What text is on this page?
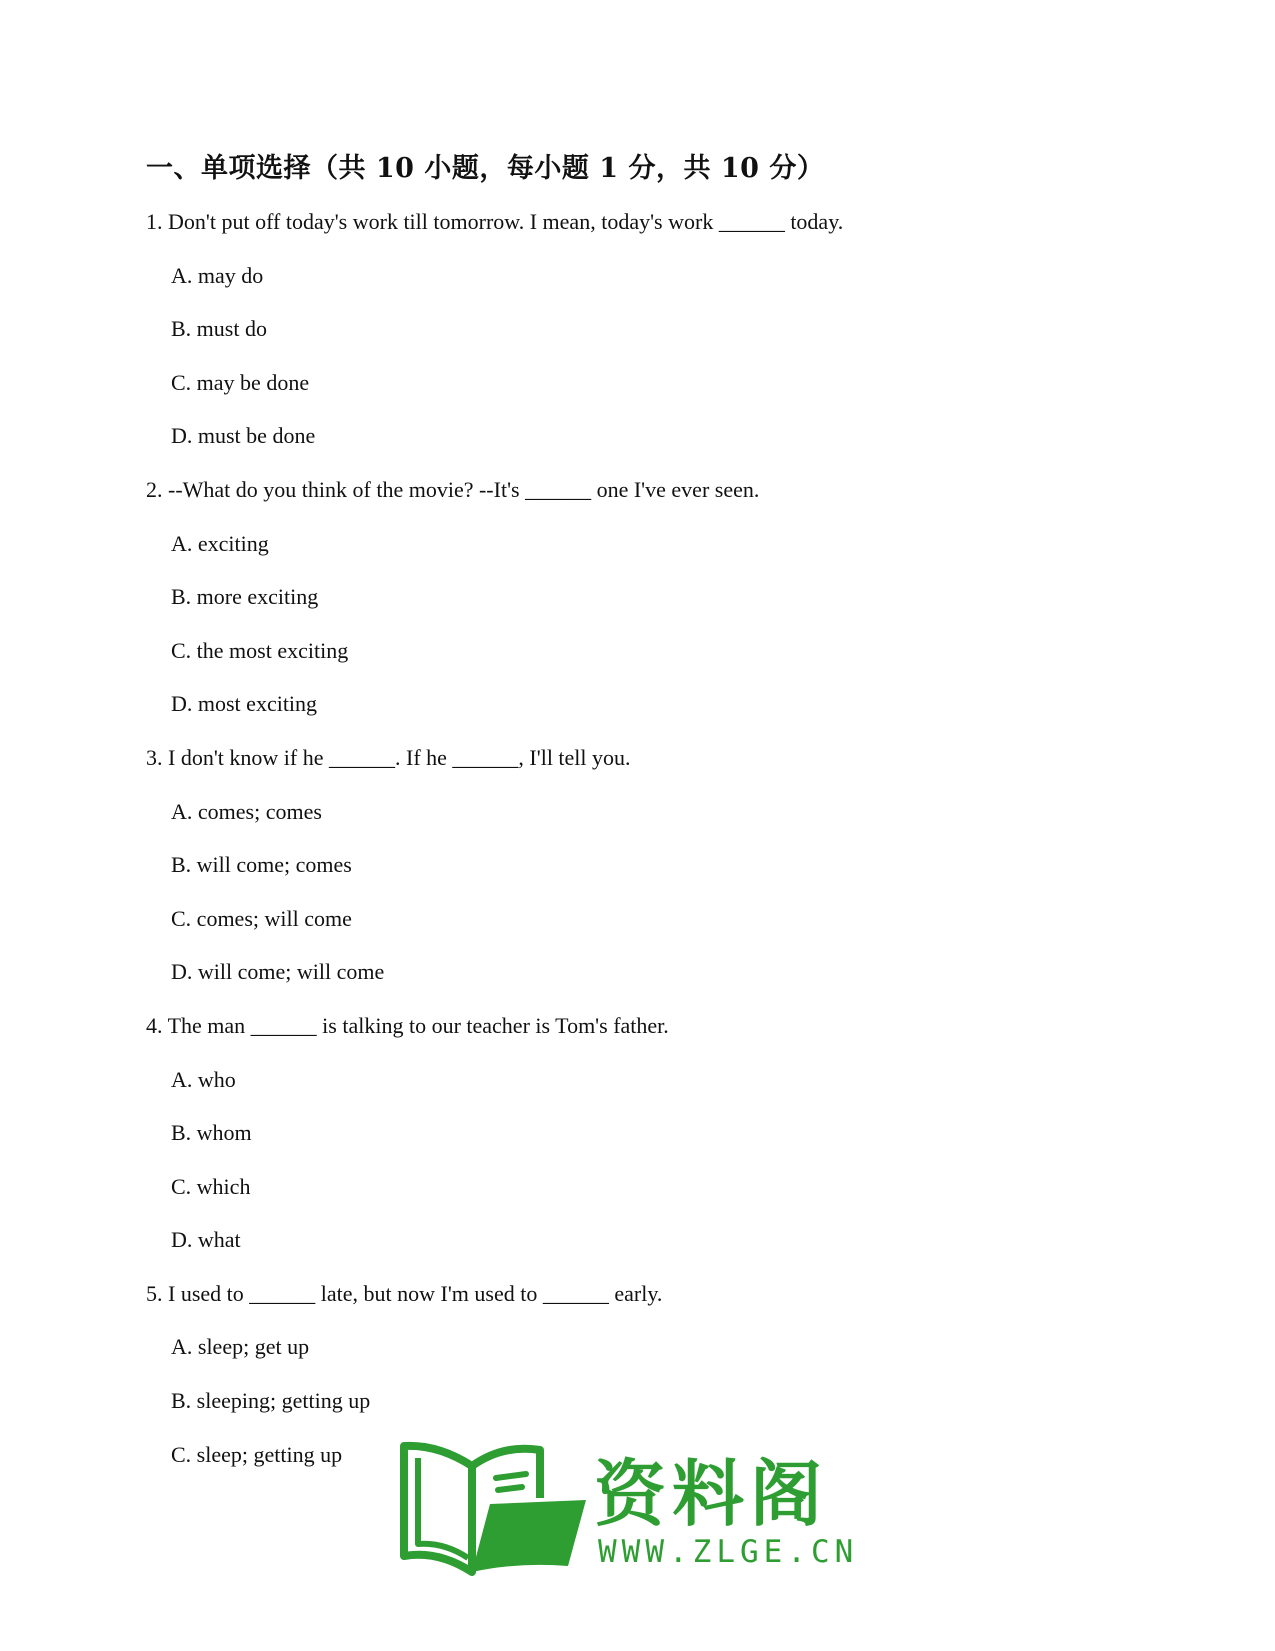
一、单项选择（共 10 小题，每小题 1 分，共 10 分）
1. Don't put off today's work till tomorrow. I mean, today's work ______ today.
A. may do
B. must do
C. may be done
D. must be done
2. --What do you think of the movie? --It's ______ one I've ever seen.
A. exciting
B. more exciting
C. the most exciting
D. most exciting
3. I don't know if he ______. If he ______, I'll tell you.
A. comes; comes
B. will come; comes
C. comes; will come
D. will come; will come
4. The man ______ is talking to our teacher is Tom's father.
A. who
B. whom
C. which
D. what
5. I used to ______ late, but now I'm used to ______ early.
A. sleep; get up
B. sleeping; getting up
C. sleep; getting up	资料阁
WWW.ZLGE.CN
